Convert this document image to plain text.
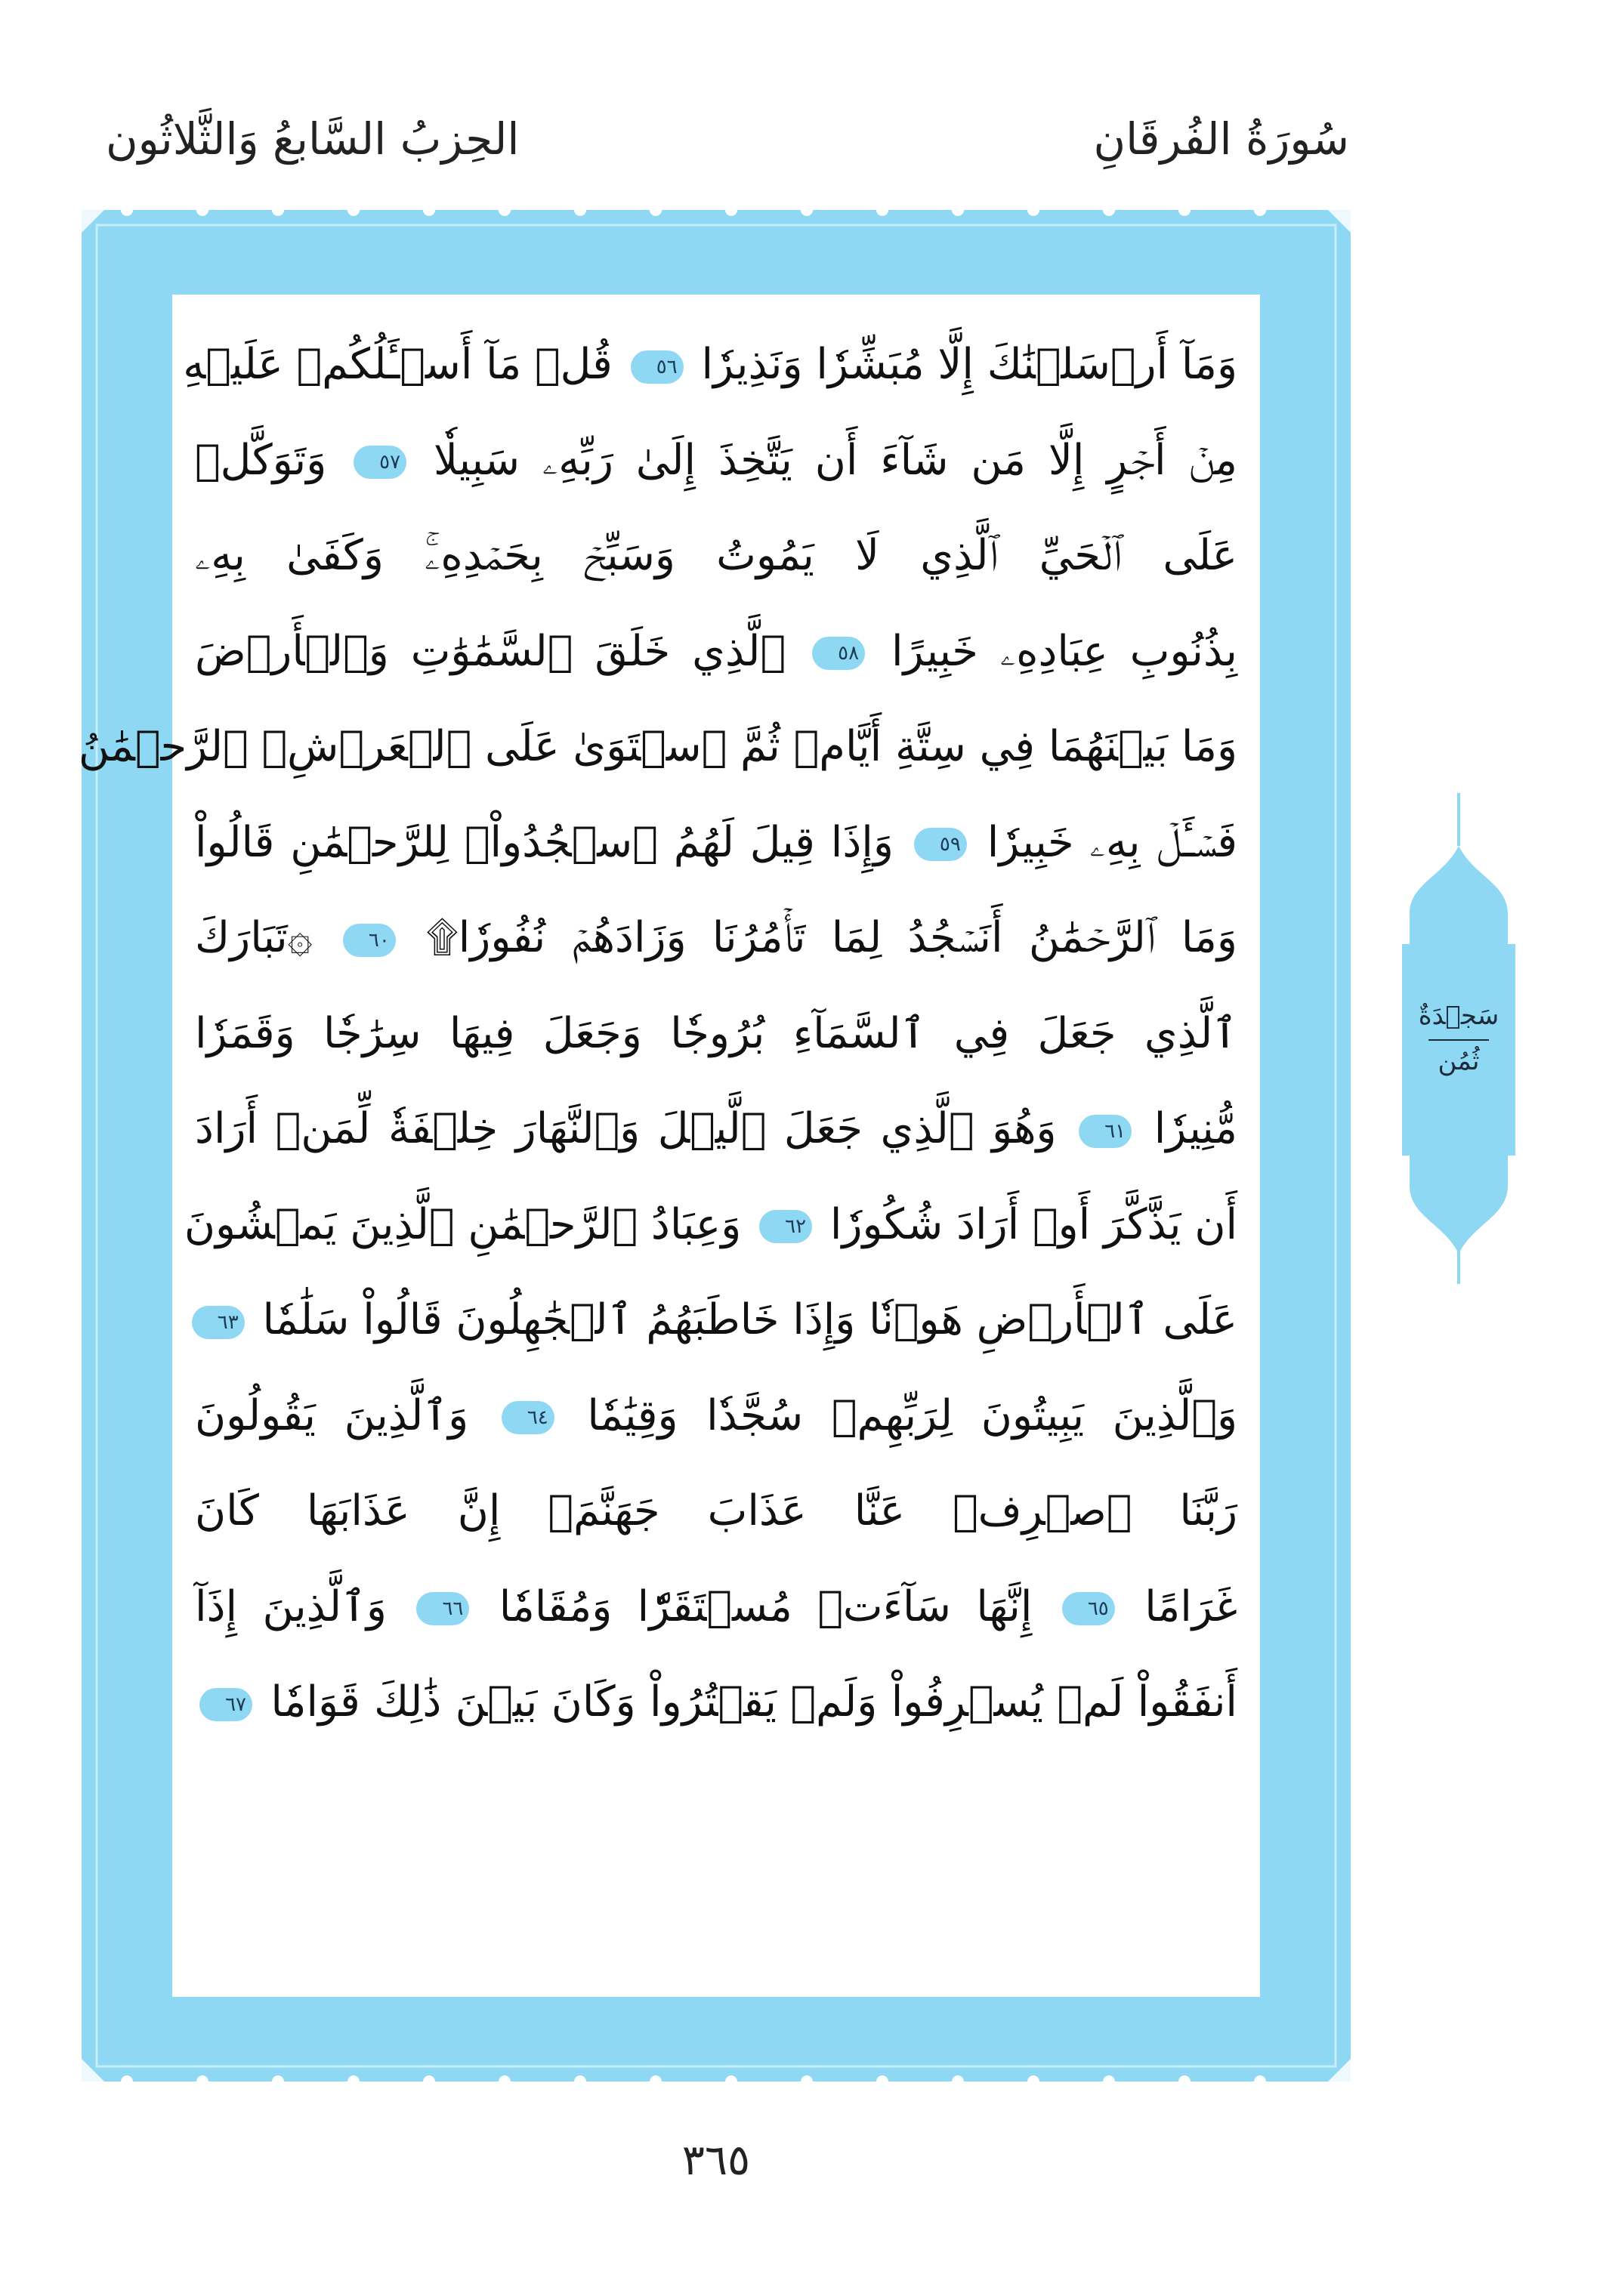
سُورَةُ الفُرقَانِ
الحِزبُ السَّابعُ وَالثَّلاثُون
وَمَآ أَرۡسَلۡنَٰكَ إِلَّا مُبَشِّرٗا وَنَذِيرٗا ٥٦ قُلۡ مَآ أَسۡـَٔلُكُمۡ عَلَيۡهِ
مِنۡ أَجۡرٍ إِلَّا مَن شَآءَ أَن يَتَّخِذَ إِلَىٰ رَبِّهِۦ سَبِيلٗا ٥٧ وَتَوَكَّلۡ
عَلَى ٱلۡحَيِّ ٱلَّذِي لَا يَمُوتُ وَسَبِّحۡ بِحَمۡدِهِۦۚ وَكَفَىٰ بِهِۦ
بِذُنُوبِ عِبَادِهِۦ خَبِيرًا ٥٨ ٱلَّذِي خَلَقَ ٱلسَّمَٰوَٰتِ وَٱلۡأَرۡضَ
وَمَا بَيۡنَهُمَا فِي سِتَّةِ أَيَّامٖ ثُمَّ ٱسۡتَوَىٰ عَلَى ٱلۡعَرۡشِۖ ٱلرَّحۡمَٰنُ
فَسۡـَٔلۡ بِهِۦ خَبِيرٗا ٥٩ وَإِذَا قِيلَ لَهُمُ ٱسۡجُدُواْۤ لِلرَّحۡمَٰنِ قَالُواْ
وَمَا ٱلرَّحۡمَٰنُ أَنَسۡجُدُ لِمَا تَأۡمُرُنَا وَزَادَهُمۡ نُفُورٗا۩ ٦٠ ۞تَبَارَكَ
ٱلَّذِي جَعَلَ فِي ٱلسَّمَآءِ بُرُوجٗا وَجَعَلَ فِيهَا سِرَٰجٗا وَقَمَرٗا
مُّنِيرٗا ٦١ وَهُوَ ٱلَّذِي جَعَلَ ٱلَّيۡلَ وَٱلنَّهَارَ خِلۡفَةٗ لِّمَنۡ أَرَادَ
أَن يَذَّكَّرَ أَوۡ أَرَادَ شُكُورٗا ٦٢ وَعِبَادُ ٱلرَّحۡمَٰنِ ٱلَّذِينَ يَمۡشُونَ
عَلَى ٱلۡأَرۡضِ هَوۡنٗا وَإِذَا خَاطَبَهُمُ ٱلۡجَٰهِلُونَ قَالُواْ سَلَٰمٗا ٦٣
وَٱلَّذِينَ يَبِيتُونَ لِرَبِّهِمۡ سُجَّدٗا وَقِيَٰمٗا ٦٤ وَٱلَّذِينَ يَقُولُونَ
رَبَّنَا ٱصۡرِفۡ عَنَّا عَذَابَ جَهَنَّمَۖ إِنَّ عَذَابَهَا كَانَ
غَرَامًا ٦٥ إِنَّهَا سَآءَتۡ مُسۡتَقَرّٗا وَمُقَامٗا ٦٦ وَٱلَّذِينَ إِذَآ
أَنفَقُواْ لَمۡ يُسۡرِفُواْ وَلَمۡ يَقۡتُرُواْ وَكَانَ بَيۡنَ ذَٰلِكَ قَوَامٗا ٦٧
سَجۡدَةٌ
ثُمُن
٣٦٥
